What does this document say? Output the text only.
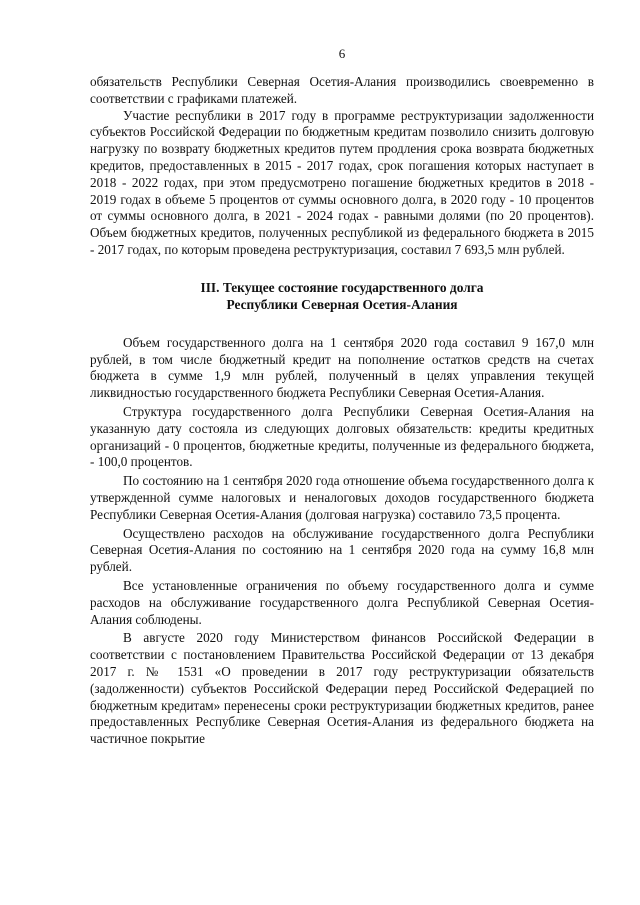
6

обязательств Республики Северная Осетия-Алания производились своевременно в соответствии с графиками платежей.

Участие республики в 2017 году в программе реструктуризации задолженности субъектов Российской Федерации по бюджетным кредитам позволило снизить долговую нагрузку по возврату бюджетных кредитов путем продления срока возврата бюджетных кредитов, предоставленных в 2015 - 2017 годах, срок погашения которых наступает в 2018 - 2022 годах, при этом предусмотрено погашение бюджетных кредитов в 2018 - 2019 годах в объеме 5 процентов от суммы основного долга, в 2020 году - 10 процентов от суммы основного долга, в 2021 - 2024 годах - равными долями (по 20 процентов). Объем бюджетных кредитов, полученных республикой из федерального бюджета в 2015 - 2017 годах, по которым проведена реструктуризация, составил 7 693,5 млн рублей.

III. Текущее состояние государственного долга
Республики Северная Осетия-Алания

Объем государственного долга на 1 сентября 2020 года составил 9 167,0 млн рублей, в том числе бюджетный кредит на пополнение остатков средств на счетах бюджета в сумме 1,9 млн рублей, полученный в целях управления текущей ликвидностью государственного бюджета Республики Северная Осетия-Алания.

Структура государственного долга Республики Северная Осетия-Алания на указанную дату состояла из следующих долговых обязательств: кредиты кредитных организаций - 0 процентов, бюджетные кредиты, полученные из федерального бюджета, - 100,0 процентов.

По состоянию на 1 сентября 2020 года отношение объема государственного долга к утвержденной сумме налоговых и неналоговых доходов государственного бюджета Республики Северная Осетия-Алания (долговая нагрузка) составило 73,5 процента.

Осуществлено расходов на обслуживание государственного долга Республики Северная Осетия-Алания по состоянию на 1 сентября 2020 года на сумму 16,8 млн рублей.

Все установленные ограничения по объему государственного долга и сумме расходов на обслуживание государственного долга Республикой Северная Осетия-Алания соблюдены.

В августе 2020 году Министерством финансов Российской Федерации в соответствии с постановлением Правительства Российской Федерации от 13 декабря 2017 г. № 1531 «О проведении в 2017 году реструктуризации обязательств (задолженности) субъектов Российской Федерации перед Российской Федерацией по бюджетным кредитам» перенесены сроки реструктуризации бюджетных кредитов, ранее предоставленных Республике Северная Осетия-Алания из федерального бюджета на частичное покрытие
